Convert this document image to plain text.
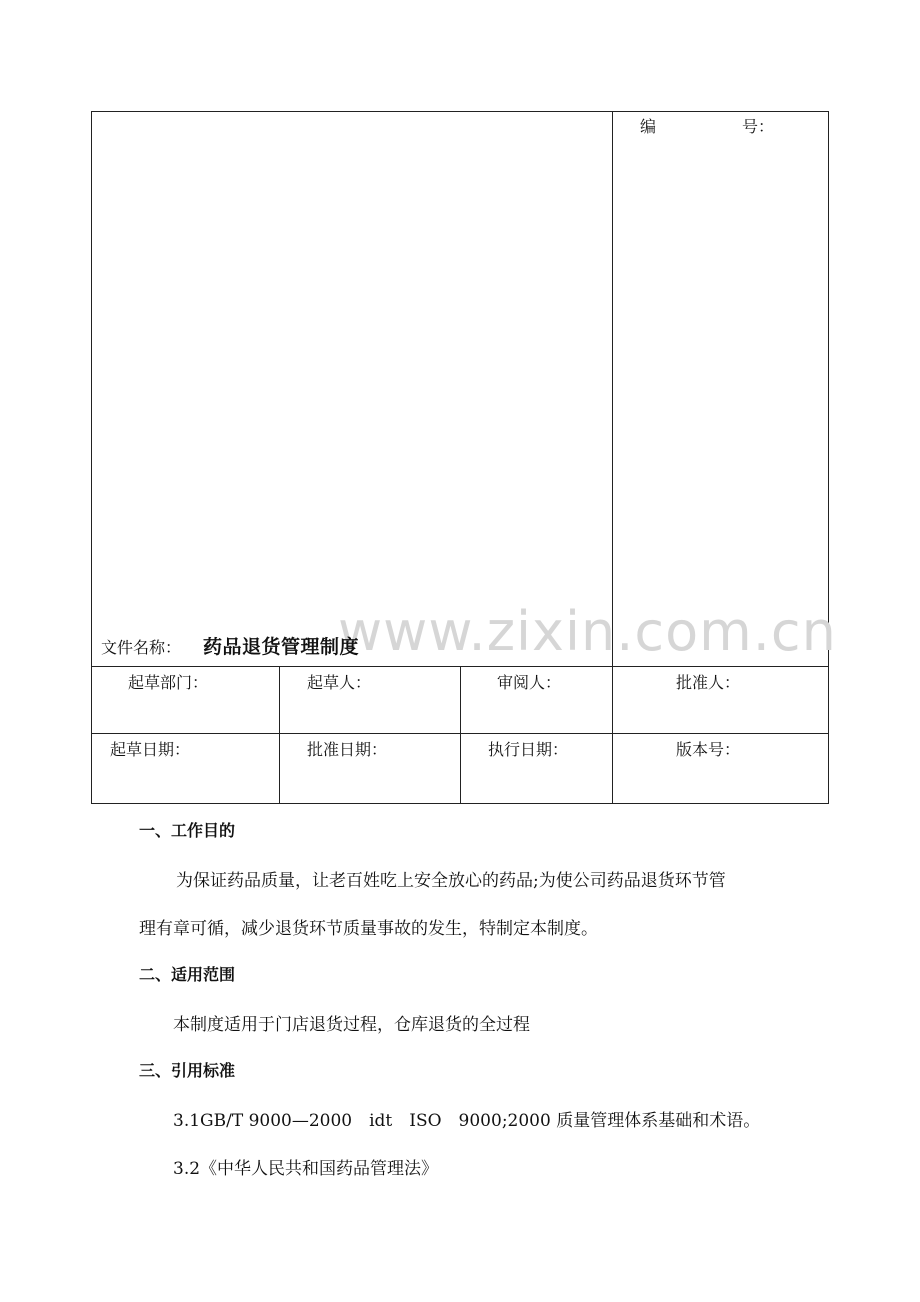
编	号：
www.zixin.com.cn
文件名称： 药品退货管理制度
起草部门：	起草人：	审阅人：	批准人：
起草日期：	批准日期：	执行日期：	版本号：
一、工作目的
为保证药品质量，让老百姓吃上安全放心的药品;为使公司药品退货环节管
理有章可循，减少退货环节质量事故的发生，特制定本制度。
二、适用范围
本制度适用于门店退货过程，仓库退货的全过程
三、引用标准
3.1GB/T 9000—2000　idt　ISO　9000;2000 质量管理体系基础和术语。
3.2《中华人民共和国药品管理法》
